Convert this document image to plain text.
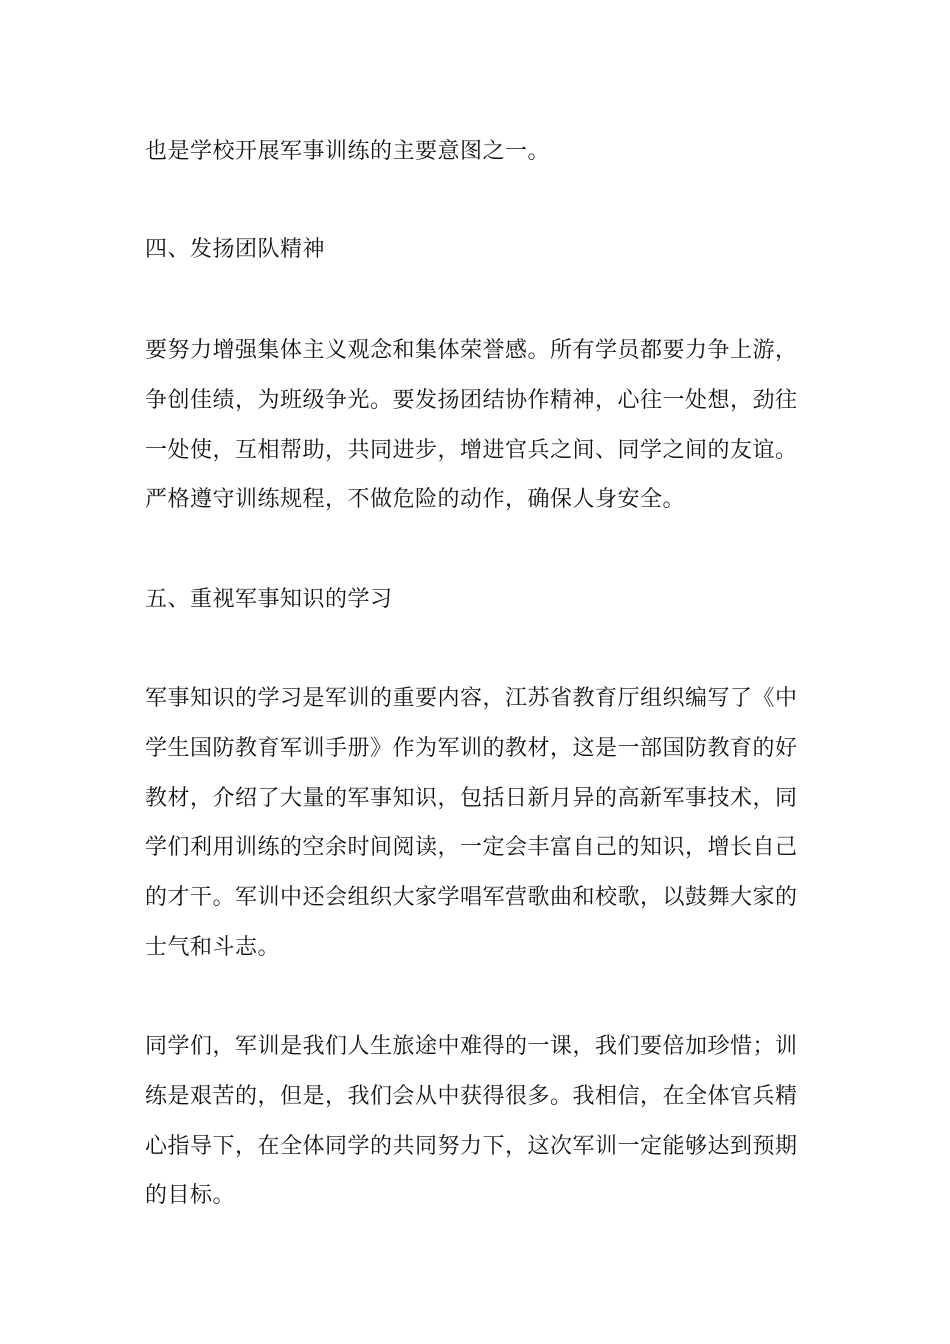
也是学校开展军事训练的主要意图之一。
四、发扬团队精神
要努力增强集体主义观念和集体荣誉感。所有学员都要力争上游，
争创佳绩，为班级争光。要发扬团结协作精神，心往一处想，劲往
一处使，互相帮助，共同进步，增进官兵之间、同学之间的友谊。
严格遵守训练规程，不做危险的动作，确保人身安全。
五、重视军事知识的学习
军事知识的学习是军训的重要内容，江苏省教育厅组织编写了《中
学生国防教育军训手册》作为军训的教材，这是一部国防教育的好
教材，介绍了大量的军事知识，包括日新月异的高新军事技术，同
学们利用训练的空余时间阅读，一定会丰富自己的知识，增长自己
的才干。军训中还会组织大家学唱军营歌曲和校歌，以鼓舞大家的
士气和斗志。
同学们，军训是我们人生旅途中难得的一课，我们要倍加珍惜；训
练是艰苦的，但是，我们会从中获得很多。我相信，在全体官兵精
心指导下，在全体同学的共同努力下，这次军训一定能够达到预期
的目标。
